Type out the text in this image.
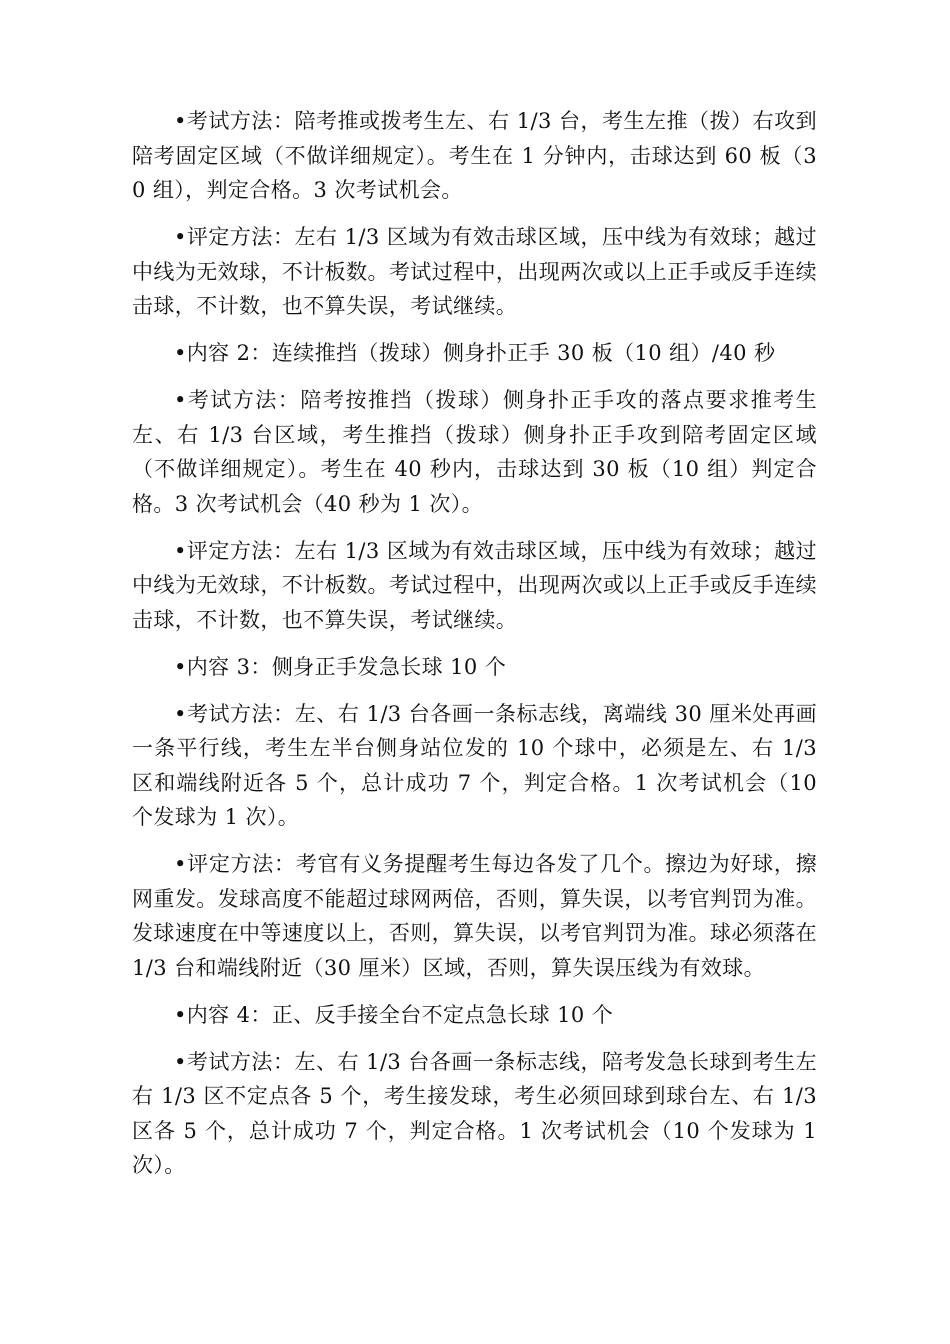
•考试方法：陪考推或拨考生左、右 1/3 台，考生左推（拨）右攻到陪考固定区域（不做详细规定）。考生在 1 分钟内，击球达到 60 板（30 组），判定合格。3 次考试机会。

•评定方法：左右 1/3 区域为有效击球区域，压中线为有效球；越过中线为无效球，不计板数。考试过程中，出现两次或以上正手或反手连续击球，不计数，也不算失误，考试继续。

•内容 2：连续推挡（拨球）侧身扑正手 30 板（10 组）/40 秒

•考试方法：陪考按推挡（拨球）侧身扑正手攻的落点要求推考生左、右 1/3 台区域，考生推挡（拨球）侧身扑正手攻到陪考固定区域（不做详细规定）。考生在 40 秒内，击球达到 30 板（10 组）判定合格。3 次考试机会（40 秒为 1 次）。

•评定方法：左右 1/3 区域为有效击球区域，压中线为有效球；越过中线为无效球，不计板数。考试过程中，出现两次或以上正手或反手连续击球，不计数，也不算失误，考试继续。

•内容 3：侧身正手发急长球 10 个

•考试方法：左、右 1/3 台各画一条标志线，离端线 30 厘米处再画一条平行线，考生左半台侧身站位发的 10 个球中，必须是左、右 1/3 区和端线附近各 5 个，总计成功 7 个，判定合格。1 次考试机会（10 个发球为 1 次）。

•评定方法：考官有义务提醒考生每边各发了几个。擦边为好球，擦网重发。发球高度不能超过球网两倍，否则，算失误，以考官判罚为准。发球速度在中等速度以上，否则，算失误，以考官判罚为准。球必须落在 1/3 台和端线附近（30 厘米）区域，否则，算失误压线为有效球。

•内容 4：正、反手接全台不定点急长球 10 个

•考试方法：左、右 1/3 台各画一条标志线，陪考发急长球到考生左右 1/3 区不定点各 5 个，考生接发球，考生必须回球到球台左、右 1/3 区各 5 个，总计成功 7 个，判定合格。1 次考试机会（10 个发球为 1 次）。
